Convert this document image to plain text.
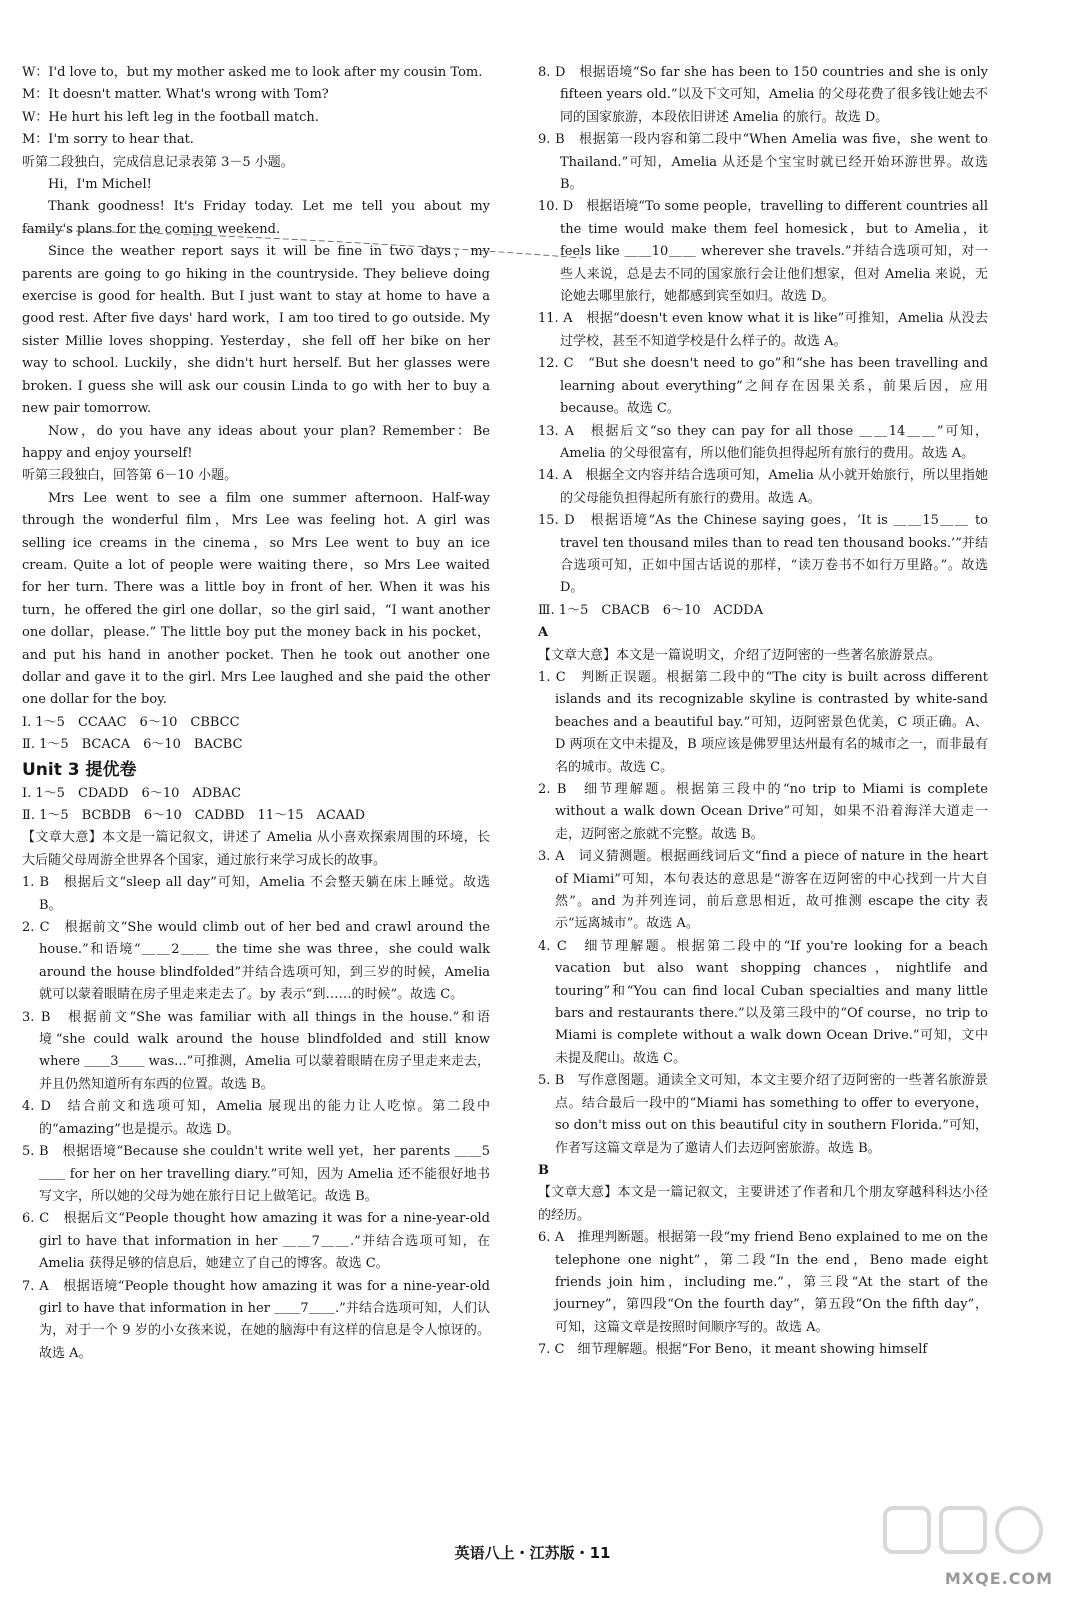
W：I'd love to，but my mother asked me to look after my cousin Tom.

M：It doesn't matter. What's wrong with Tom?

W：He hurt his left leg in the football match.

M：I'm sorry to hear that.

听第二段独白，完成信息记录表第 3－5 小题。

Hi，I'm Michel!

Thank goodness! It's Friday today. Let me tell you about my family's plans for the coming weekend.

Since the weather report says it will be fine in two days，my parents are going to go hiking in the countryside. They believe doing exercise is good for health. But I just want to stay at home to have a good rest. After five days' hard work，I am too tired to go outside. My sister Millie loves shopping. Yesterday，she fell off her bike on her way to school. Luckily，she didn't hurt herself. But her glasses were broken. I guess she will ask our cousin Linda to go with her to buy a new pair tomorrow.

Now，do you have any ideas about your plan? Remember：Be happy and enjoy yourself!

听第三段独白，回答第 6－10 小题。

Mrs Lee went to see a film one summer afternoon. Half-way through the wonderful film，Mrs Lee was feeling hot. A girl was selling ice creams in the cinema，so Mrs Lee went to buy an ice cream. Quite a lot of people were waiting there，so Mrs Lee waited for her turn. There was a little boy in front of her. When it was his turn，he offered the girl one dollar，so the girl said，“I want another one dollar，please.” The little boy put the money back in his pocket，and put his hand in another pocket. Then he took out another one dollar and gave it to the girl. Mrs Lee laughed and she paid the other one dollar for the boy.

Ⅰ. 1～5　CCAAC　6～10　CBBCC

Ⅱ. 1～5　BCACA　6～10　BACBC

Unit 3 提优卷

Ⅰ. 1～5　CDADD　6～10　ADBAC

Ⅱ. 1～5　BCBDB　6～10　CADBD　11～15　ACAAD

【文章大意】本文是一篇记叙文，讲述了 Amelia 从小喜欢探索周围的环境，长大后随父母周游全世界各个国家，通过旅行来学习成长的故事。

1. B　根据后文“sleep all day”可知，Amelia 不会整天躺在床上睡觉。故选 B。

2. C　根据前文“She would climb out of her bed and crawl around the house.”和语境“＿＿2＿＿ the time she was three，she could walk around the house blindfolded”并结合选项可知，到三岁的时候，Amelia 就可以蒙着眼睛在房子里走来走去了。by 表示“到……的时候”。故选 C。

3. B　根据前文“She was familiar with all things in the house.”和语境“she could walk around the house blindfolded and still know where ＿＿3＿＿ was...”可推测，Amelia 可以蒙着眼睛在房子里走来走去，并且仍然知道所有东西的位置。故选 B。

4. D　结合前文和选项可知，Amelia 展现出的能力让人吃惊。第二段中的“amazing”也是提示。故选 D。

5. B　根据语境“Because she couldn't write well yet，her parents ＿＿5＿＿ for her on her travelling diary.”可知，因为 Amelia 还不能很好地书写文字，所以她的父母为她在旅行日记上做笔记。故选 B。

6. C　根据后文“People thought how amazing it was for a nine-year-old girl to have that information in her ＿＿7＿＿.”并结合选项可知，在 Amelia 获得足够的信息后，她建立了自己的博客。故选 C。

7. A　根据语境“People thought how amazing it was for a nine-year-old girl to have that information in her ＿＿7＿＿.”并结合选项可知，人们认为，对于一个 9 岁的小女孩来说，在她的脑海中有这样的信息是令人惊讶的。故选 A。

8. D　根据语境“So far she has been to 150 countries and she is only fifteen years old.”以及下文可知，Amelia 的父母花费了很多钱让她去不同的国家旅游，本段依旧讲述 Amelia 的旅行。故选 D。

9. B　根据第一段内容和第二段中“When Amelia was five，she went to Thailand.”可知，Amelia 从还是个宝宝时就已经开始环游世界。故选 B。

10. D　根据语境“To some people，travelling to different countries all the time would make them feel homesick，but to Amelia，it feels like ＿＿10＿＿ wherever she travels.”并结合选项可知，对一些人来说，总是去不同的国家旅行会让他们想家，但对 Amelia 来说，无论她去哪里旅行，她都感到宾至如归。故选 D。

11. A　根据“doesn't even know what it is like”可推知，Amelia 从没去过学校，甚至不知道学校是什么样子的。故选 A。

12. C　“But she doesn't need to go”和“she has been travelling and learning about everything”之间存在因果关系，前果后因，应用 because。故选 C。

13. A　根据后文“so they can pay for all those ＿＿14＿＿”可知，Amelia 的父母很富有，所以他们能负担得起所有旅行的费用。故选 A。

14. A　根据全文内容并结合选项可知，Amelia 从小就开始旅行，所以里指她的父母能负担得起所有旅行的费用。故选 A。

15. D　根据语境“As the Chinese saying goes，‘It is ＿＿15＿＿ to travel ten thousand miles than to read ten thousand books.’”并结合选项可知，正如中国古话说的那样，“读万卷书不如行万里路。”。故选 D。

Ⅲ. 1～5　CBACB　6～10　ACDDA

A

【文章大意】本文是一篇说明文，介绍了迈阿密的一些著名旅游景点。

1. C　判断正误题。根据第二段中的“The city is built across different islands and its recognizable skyline is contrasted by white-sand beaches and a beautiful bay.”可知，迈阿密景色优美，C 项正确。A、D 两项在文中未提及，B 项应该是佛罗里达州最有名的城市之一，而非最有名的城市。故选 C。

2. B　细节理解题。根据第三段中的“no trip to Miami is complete without a walk down Ocean Drive”可知，如果不沿着海洋大道走一走，迈阿密之旅就不完整。故选 B。

3. A　词义猜测题。根据画线词后文“find a piece of nature in the heart of Miami”可知，本句表达的意思是“游客在迈阿密的中心找到一片大自然”。and 为并列连词，前后意思相近，故可推测 escape the city 表示“远离城市”。故选 A。

4. C　细节理解题。根据第二段中的“If you're looking for a beach vacation but also want shopping chances，nightlife and touring”和“You can find local Cuban specialties and many little bars and restaurants there.”以及第三段中的“Of course，no trip to Miami is complete without a walk down Ocean Drive.”可知，文中未提及爬山。故选 C。

5. B　写作意图题。通读全文可知，本文主要介绍了迈阿密的一些著名旅游景点。结合最后一段中的“Miami has something to offer to everyone，so don't miss out on this beautiful city in southern Florida.”可知，作者写这篇文章是为了邀请人们去迈阿密旅游。故选 B。

B

【文章大意】本文是一篇记叙文，主要讲述了作者和几个朋友穿越科科达小径的经历。

6. A　推理判断题。根据第一段“my friend Beno explained to me on the telephone one night”，第二段“In the end，Beno made eight friends join him，including me.”，第三段“At the start of the journey”，第四段“On the fourth day”，第五段“On the fifth day”，可知，这篇文章是按照时间顺序写的。故选 A。

7. C　细节理解题。根据“For Beno，it meant showing himself

英语八上・江苏版・11
MXQE.COM
